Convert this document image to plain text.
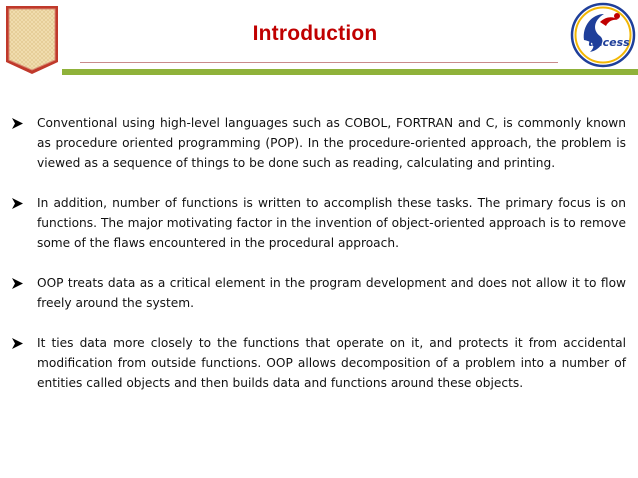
Introduction	uccess
Conventional using high-level languages such as COBOL, FORTRAN and C, is commonly known as procedure oriented programming (POP). In the procedure-oriented approach, the problem is viewed as a sequence of things to be done such as reading, calculating and printing.
In addition, number of functions is written to accomplish these tasks. The primary focus is on functions. The major motivating factor in the invention of object-oriented approach is to remove some of the flaws encountered in the procedural approach.
OOP treats data as a critical element in the program development and does not allow it to flow freely around the system.
It ties data more closely to the functions that operate on it, and protects it from accidental modification from outside functions. OOP allows decomposition of a problem into a number of entities called objects and then builds data and functions around these objects.
